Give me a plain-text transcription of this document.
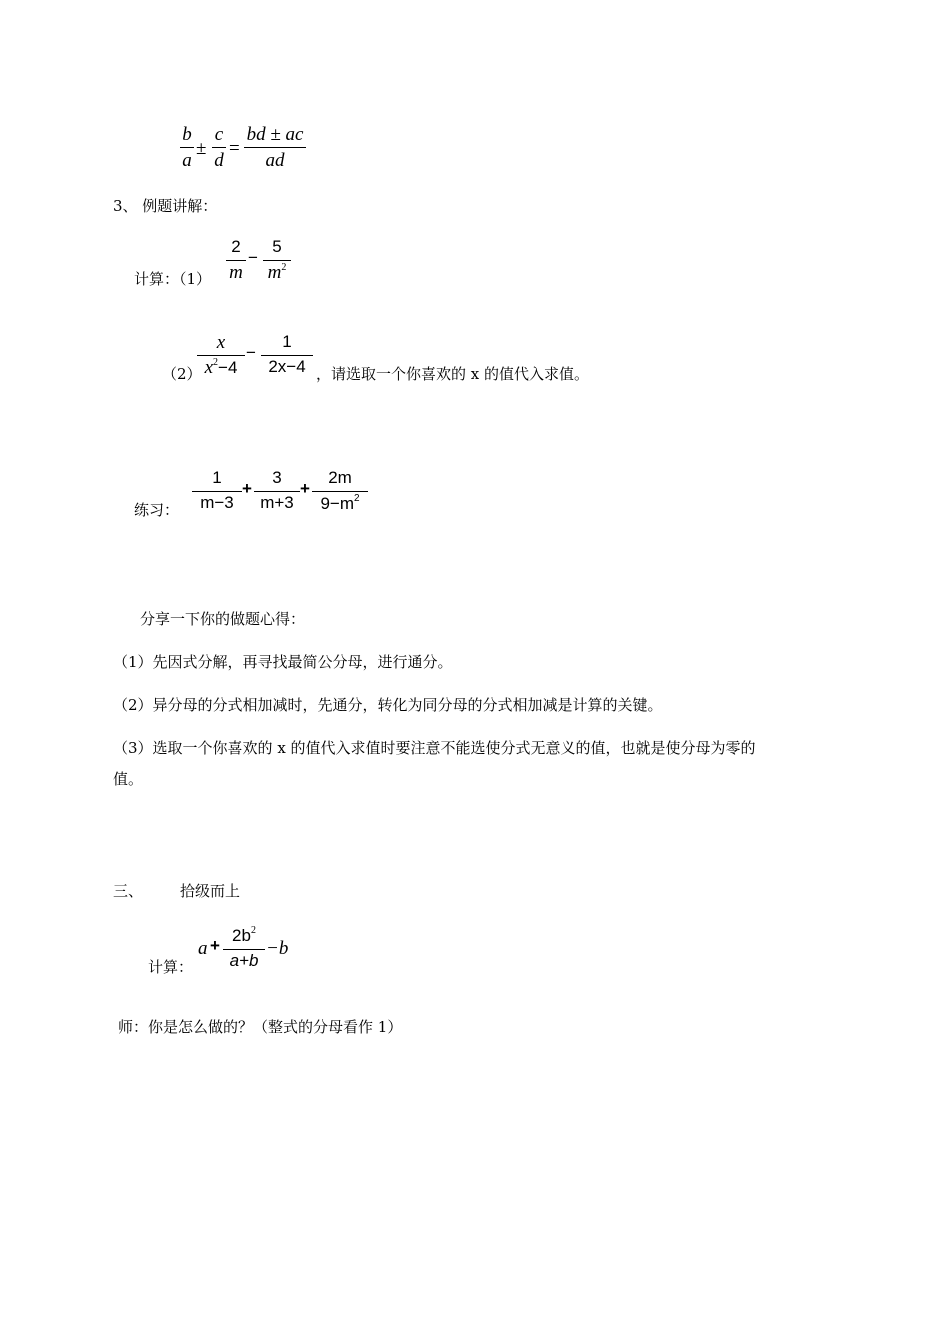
b
a
±
c
d
=
bd ± ac
ad
3、 例题讲解：
计算：（1）
2
m
−
5
$m^2$
（2）
x
$x^2-4$
−
1
2x−4 ，请选取一个你喜欢的 x 的值代入求值。
练习：
1
m−3
+
3
m+3
+
2m
$9-m^2$
分享一下你的做题心得：
（1）先因式分解，再寻找最简公分母，进行通分。
（2）异分母的分式相加减时，先通分，转化为同分母的分式相加减是计算的关键。
（3）选取一个你喜欢的 x 的值代入求值时要注意不能选使分式无意义的值，也就是使分母为零的
值。
三、 拾级而上
计算：
a +
$2b^2$
a+b
−b
师：你是怎么做的？（整式的分母看作 1）
